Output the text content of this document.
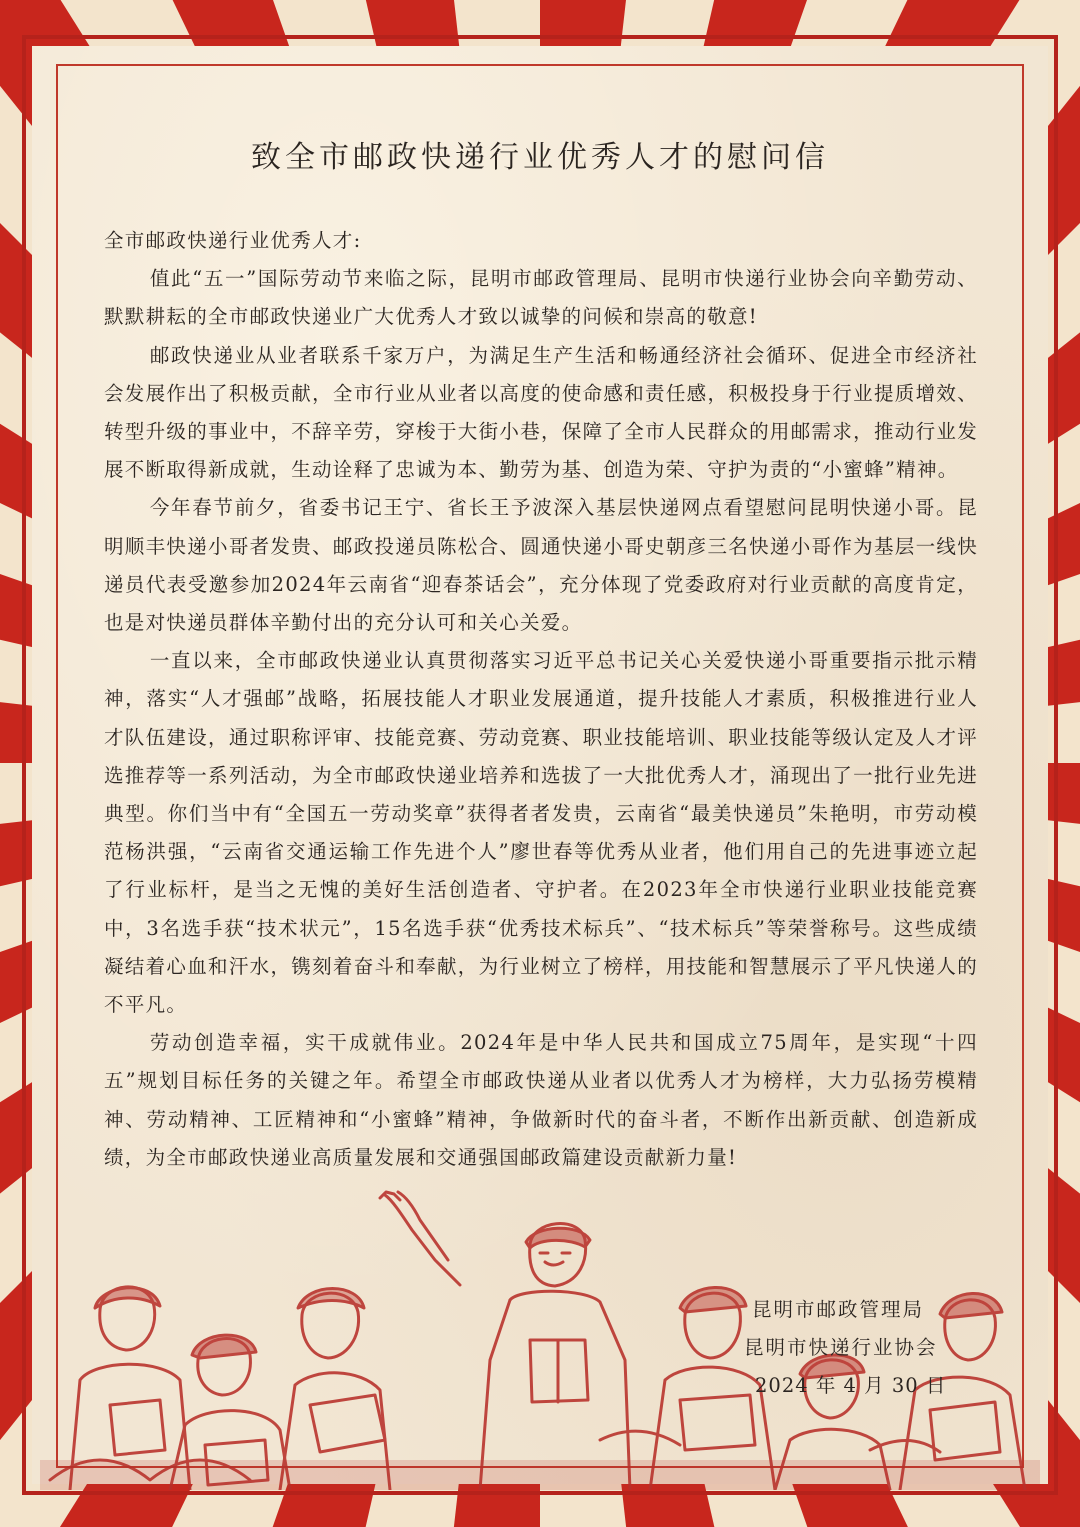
致全市邮政快递行业优秀人才的慰问信

全市邮政快递行业优秀人才:

值此“五一”国际劳动节来临之际，昆明市邮政管理局、昆明市快递行业协会向辛勤劳动、默默耕耘的全市邮政快递业广大优秀人才致以诚挚的问候和崇高的敬意!

邮政快递业从业者联系千家万户，为满足生产生活和畅通经济社会循环、促进全市经济社会发展作出了积极贡献，全市行业从业者以高度的使命感和责任感，积极投身于行业提质增效、转型升级的事业中，不辞辛劳，穿梭于大街小巷，保障了全市人民群众的用邮需求，推动行业发展不断取得新成就，生动诠释了忠诚为本、勤劳为基、创造为荣、守护为责的“小蜜蜂”精神。

今年春节前夕，省委书记王宁、省长王予波深入基层快递网点看望慰问昆明快递小哥。昆明顺丰快递小哥者发贵、邮政投递员陈松合、圆通快递小哥史朝彦三名快递小哥作为基层一线快递员代表受邀参加2024年云南省“迎春茶话会”，充分体现了党委政府对行业贡献的高度肯定，也是对快递员群体辛勤付出的充分认可和关心关爱。

一直以来，全市邮政快递业认真贯彻落实习近平总书记关心关爱快递小哥重要指示批示精神，落实“人才强邮”战略，拓展技能人才职业发展通道，提升技能人才素质，积极推进行业人才队伍建设，通过职称评审、技能竞赛、劳动竞赛、职业技能培训、职业技能等级认定及人才评选推荐等一系列活动，为全市邮政快递业培养和选拔了一大批优秀人才，涌现出了一批行业先进典型。你们当中有“全国五一劳动奖章”获得者者发贵，云南省“最美快递员”朱艳明，市劳动模范杨洪强，“云南省交通运输工作先进个人”廖世春等优秀从业者，他们用自己的先进事迹立起了行业标杆，是当之无愧的美好生活创造者、守护者。在2023年全市快递行业职业技能竞赛中，3名选手获“技术状元”，15名选手获“优秀技术标兵”、“技术标兵”等荣誉称号。这些成绩凝结着心血和汗水，镌刻着奋斗和奉献，为行业树立了榜样，用技能和智慧展示了平凡快递人的不平凡。

劳动创造幸福，实干成就伟业。2024年是中华人民共和国成立75周年，是实现“十四五”规划目标任务的关键之年。希望全市邮政快递从业者以优秀人才为榜样，大力弘扬劳模精神、劳动精神、工匠精神和“小蜜蜂”精神，争做新时代的奋斗者，不断作出新贡献、创造新成绩，为全市邮政快递业高质量发展和交通强国邮政篇建设贡献新力量!

昆明市邮政管理局
昆明市快递行业协会
2024 年 4 月 30 日
